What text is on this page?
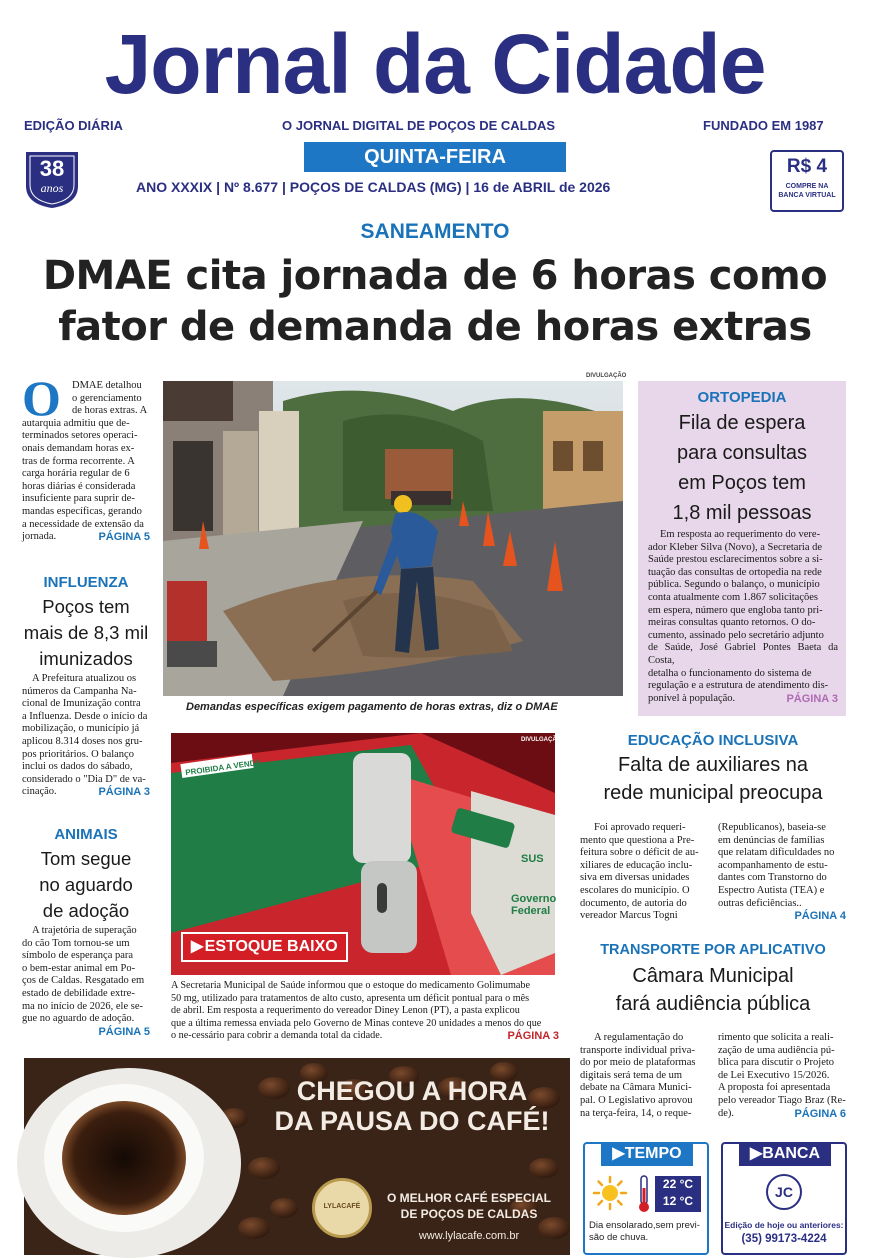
Jornal da Cidade
EDIÇÃO DIÁRIA	O JORNAL DIGITAL DE POÇOS DE CALDAS	FUNDADO EM 1987
38
anos
QUINTA-FEIRA
ANO XXXIX | Nº 8.677 | POÇOS DE CALDAS (MG) | 16 de ABRIL de 2026
R$ 4
COMPRE NA
BANCA VIRTUAL
SANEAMENTO
DMAE cita jornada de 6 horas como
fator de demanda de horas extras
O	DMAE detalhou
o gerenciamento
de horas extras. A
autarquia admitiu que de-
terminados setores operaci-
onais demandam horas ex-
tras de forma recorrente. A
carga horária regular de 6
horas diárias é considerada
insuficiente para suprir de-
mandas específicas, gerando
a necessidade de extensão da
jornada.	PÁGINA 5
INFLUENZA
Poços tem
mais de 8,3 mil
imunizados
A Prefeitura atualizou os
números da Campanha Na-
cional de Imunização contra
a Influenza. Desde o início da
mobilização, o município já
aplicou 8.314 doses nos gru-
pos prioritários. O balanço
inclui os dados do sábado,
considerado o "Dia D" de va-
cinação.	PÁGINA 3
ANIMAIS
Tom segue
no aguardo
de adoção
A trajetória de superação
do cão Tom tornou-se um
símbolo de esperança para
o bem-estar animal em Po-
ços de Caldas. Resgatado em
estado de debilidade extre-
ma no início de 2026, ele se-
gue no aguardo de adoção.
PÁGINA 5
DIVULGAÇÃO
Demandas específicas exigem pagamento de horas extras, diz o DMAE
ORTOPEDIA
Fila de espera
para consultas
em Poços tem
1,8 mil pessoas
Em resposta ao requerimento do vere-
ador Kleber Silva (Novo), a Secretaria de
Saúde prestou esclarecimentos sobre a si-
tuação das consultas de ortopedia na rede
pública. Segundo o balanço, o município
conta atualmente com 1.867 solicitações
em espera, número que engloba tanto pri-
meiras consultas quanto retornos. O do-
cumento, assinado pelo secretário adjunto
de Saúde, José Gabriel Pontes Baeta da Costa,
detalha o funcionamento do sistema de
regulação e a estrutura de atendimento dis-
ponível à população.	PÁGINA 3
PROIBIDA A VENDA
SUS
Governo Federal
DIVULGAÇÃO
▶ ESTOQUE BAIXO
A Secretaria Municipal de Saúde informou que o estoque do medicamento Golimumabe
50 mg, utilizado para tratamentos de alto custo, apresenta um déficit pontual para o mês
de abril. Em resposta a requerimento do vereador Diney Lenon (PT), a pasta explicou
que a última remessa enviada pelo Governo de Minas conteve 20 unidades a menos do que
o ne-cessário para cobrir a demanda total da cidade.	PÁGINA 3
EDUCAÇÃO INCLUSIVA
Falta de auxiliares na
rede municipal preocupa
Foi aprovado requeri-
mento que questiona a Pre-
feitura sobre o déficit de au-
xiliares de educação inclu-
siva em diversas unidades
escolares do município. O
documento, de autoria do
vereador Marcus Togni
(Republicanos), baseia-se
em denúncias de famílias
que relatam dificuldades no
acompanhamento de estu-
dantes com Transtorno do
Espectro Autista (TEA) e
outras deficiências..
PÁGINA 4
TRANSPORTE POR APLICATIVO
Câmara Municipal
fará audiência pública
A regulamentação do
transporte individual priva-
do por meio de plataformas
digitais será tema de um
debate na Câmara Munici-
pal. O Legislativo aprovou
na terça-feira, 14, o reque-
rimento que solicita a reali-
zação de uma audiência pú-
blica para discutir o Projeto
de Lei Executivo 15/2026.
A proposta foi apresentada
pelo vereador Tiago Braz (Re-
de).	PÁGINA 6
CHEGOU A HORA
DA PAUSA DO CAFÉ!
LYLACAFÉ
O MELHOR CAFÉ ESPECIAL
DE POÇOS DE CALDAS
www.lylacafe.com.br
▶TEMPO
22 °C
12 °C
Dia ensolarado,sem previ-
são de chuva.
▶BANCA
JC
Edição de hoje ou anteriores:
(35) 99173-4224
